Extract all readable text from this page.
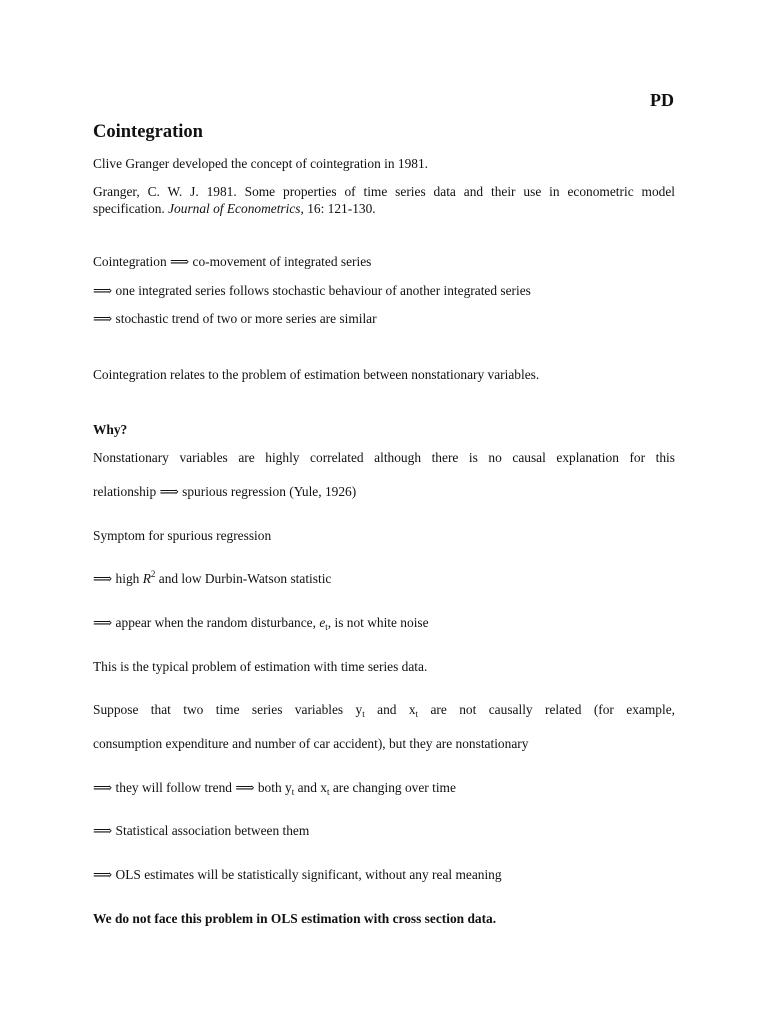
PD
Cointegration
Clive Granger developed the concept of cointegration in 1981.
Granger, C. W. J. 1981. Some properties of time series data and their use in econometric model
specification. Journal of Econometrics, 16: 121-130.
Cointegration ⟹ co-movement of integrated series
⟹ one integrated series follows stochastic behaviour of another integrated series
⟹ stochastic trend of two or more series are similar
Cointegration relates to the problem of estimation between nonstationary variables.
Why?
Nonstationary variables are highly correlated although there is no causal explanation for this
relationship ⟹ spurious regression (Yule, 1926)
Symptom for spurious regression
⟹ high $R^2$ and low Durbin-Watson statistic
⟹ appear when the random disturbance, $e_t$, is not white noise
This is the typical problem of estimation with time series data.
Suppose that two time series variables $y_t$ and $x_t$ are not causally related (for example,
consumption expenditure and number of car accident), but they are nonstationary
⟹ they will follow trend ⟹ both $y_t$ and $x_t$ are changing over time
⟹ Statistical association between them
⟹ OLS estimates will be statistically significant, without any real meaning
We do not face this problem in OLS estimation with cross section data.
